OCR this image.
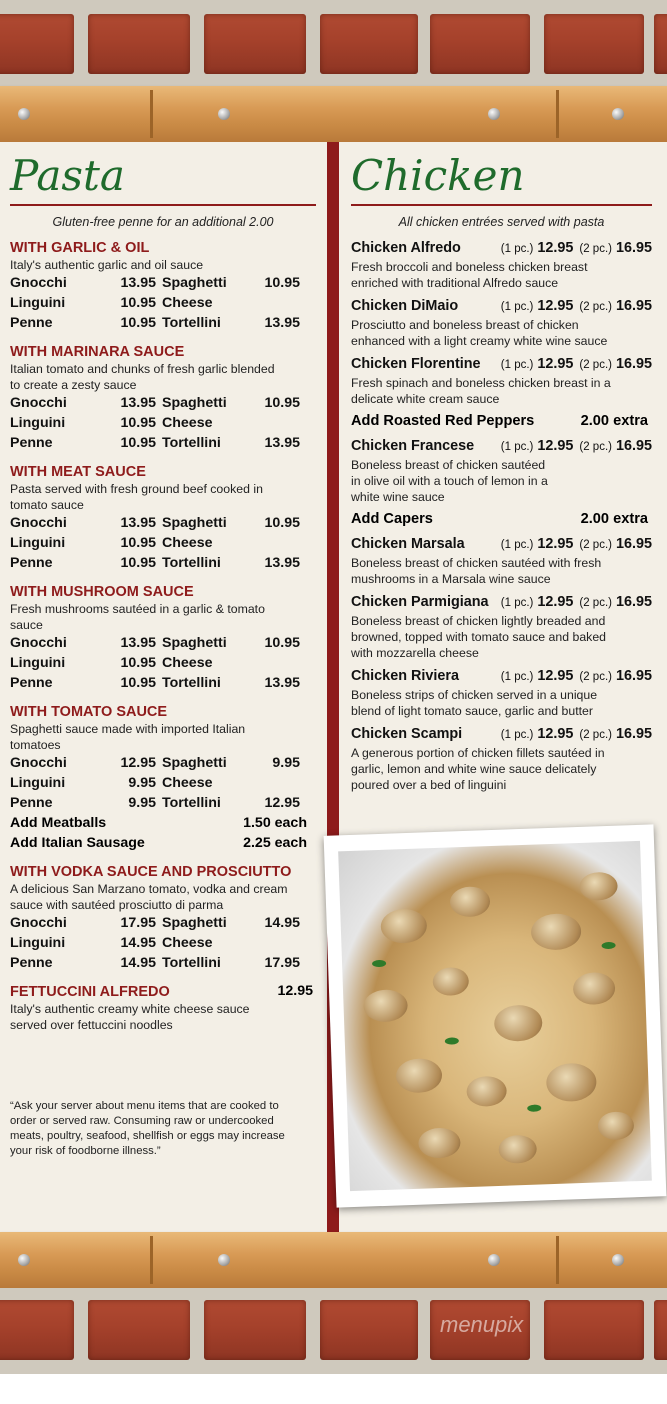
Pasta
Gluten-free penne for an additional 2.00
WITH GARLIC & OIL
Italy's authentic garlic and oil sauce
Gnocchi	13.95 Spaghetti	10.95
Linguini	10.95 Cheese
Penne	10.95 Tortellini	13.95
WITH MARINARA SAUCE
Italian tomato and chunks of fresh garlic blended to create a zesty sauce
Gnocchi	13.95 Spaghetti	10.95
Linguini	10.95 Cheese
Penne	10.95 Tortellini	13.95
WITH MEAT SAUCE
Pasta served with fresh ground beef cooked in tomato sauce
Gnocchi	13.95 Spaghetti	10.95
Linguini	10.95 Cheese
Penne	10.95 Tortellini	13.95
WITH MUSHROOM SAUCE
Fresh mushrooms sautéed in a garlic & tomato sauce
Gnocchi	13.95 Spaghetti	10.95
Linguini	10.95 Cheese
Penne	10.95 Tortellini	13.95
WITH TOMATO SAUCE
Spaghetti sauce made with imported Italian tomatoes
Gnocchi	12.95 Spaghetti	9.95
Linguini	9.95 Cheese
Penne	9.95 Tortellini	12.95
Add Meatballs	1.50 each
Add Italian Sausage	2.25 each
WITH VODKA SAUCE AND PROSCIUTTO
A delicious San Marzano tomato, vodka and cream sauce with sautéed prosciutto di parma
Gnocchi	17.95 Spaghetti	14.95
Linguini	14.95 Cheese
Penne	14.95 Tortellini	17.95
FETTUCCINI ALFREDO	12.95
Italy's authentic creamy white cheese sauce served over fettuccini noodles
“Ask your server about menu items that are cooked to order or served raw. Consuming raw or undercooked meats, poultry, seafood, shellfish or eggs may increase your risk of foodborne illness.”
Chicken
All chicken entrées served with pasta
Chicken Alfredo	(1 pc.) 12.95 (2 pc.) 16.95
Fresh broccoli and boneless chicken breast enriched with traditional Alfredo sauce
Chicken DiMaio	(1 pc.) 12.95 (2 pc.) 16.95
Prosciutto and boneless breast of chicken enhanced with a light creamy white wine sauce
Chicken Florentine	(1 pc.) 12.95 (2 pc.) 16.95
Fresh spinach and boneless chicken breast in a delicate white cream sauce
Add Roasted Red Peppers	2.00 extra
Chicken Francese	(1 pc.) 12.95 (2 pc.) 16.95
Boneless breast of chicken sautéed in olive oil with a touch of lemon in a white wine sauce
Add Capers	2.00 extra
Chicken Marsala	(1 pc.) 12.95 (2 pc.) 16.95
Boneless breast of chicken sautéed with fresh mushrooms in a Marsala wine sauce
Chicken Parmigiana	(1 pc.) 12.95 (2 pc.) 16.95
Boneless breast of chicken lightly breaded and browned, topped with tomato sauce and baked with mozzarella cheese
Chicken Riviera	(1 pc.) 12.95 (2 pc.) 16.95
Boneless strips of chicken served in a unique blend of light tomato sauce, garlic and butter
Chicken Scampi	(1 pc.) 12.95 (2 pc.) 16.95
A generous portion of chicken fillets sautéed in garlic, lemon and white wine sauce delicately poured over a bed of linguini
menupix
